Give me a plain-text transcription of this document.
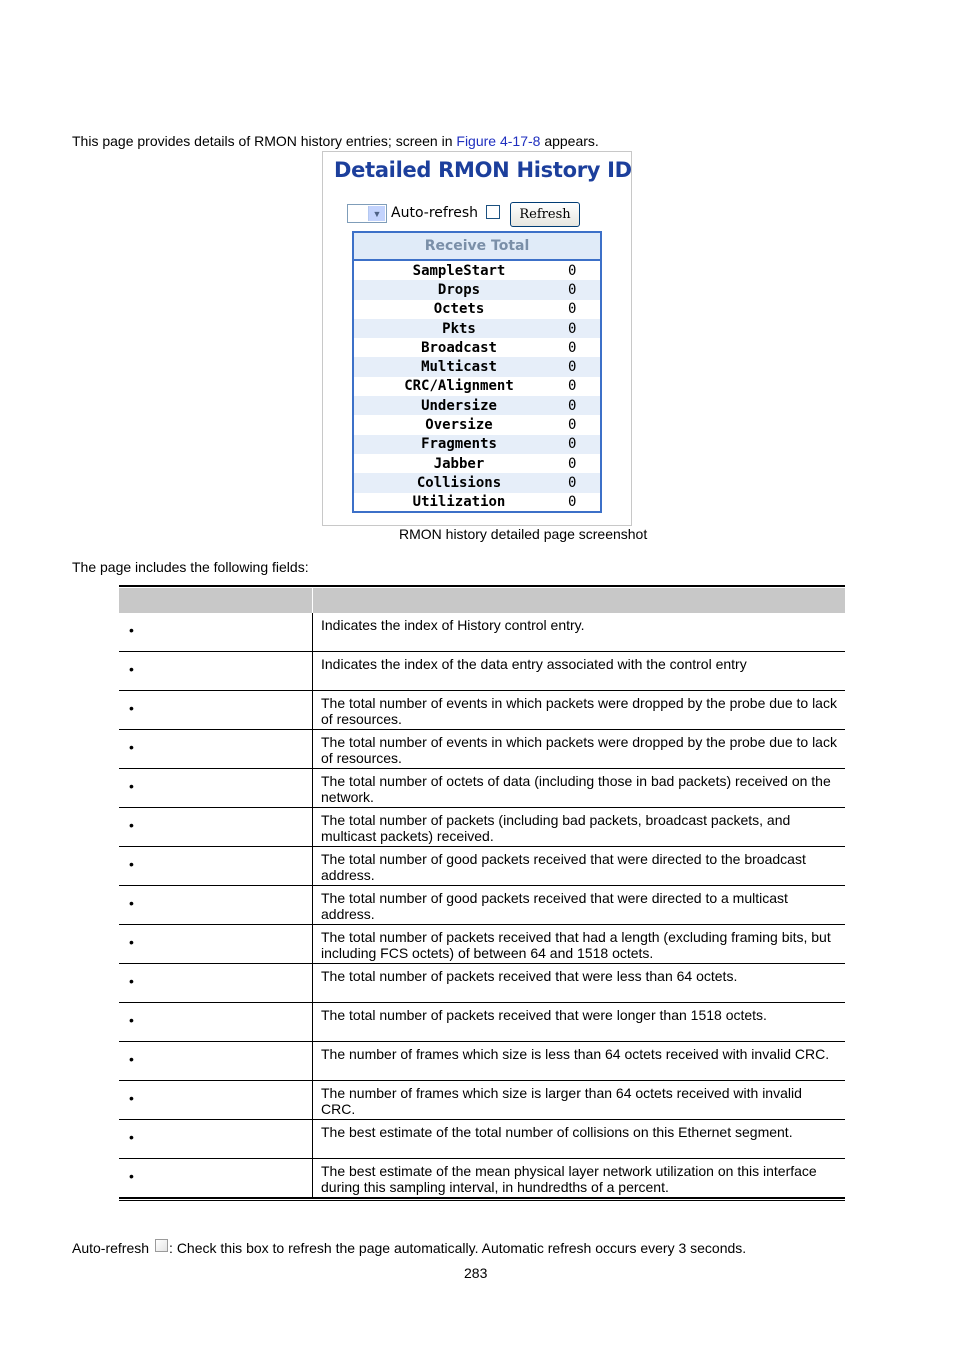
This page provides details of RMON history entries; screen in Figure 4-17-8 appears.
Detailed RMON History ID
▼ Auto-refresh	Refresh
Receive Total
SampleStart	0
Drops	0
Octets	0
Pkts	0
Broadcast	0
Multicast	0
CRC/Alignment	0
Undersize	0
Oversize	0
Fragments	0
Jabber	0
Collisions	0
Utilization	0
RMON history detailed page screenshot
The page includes the following fields:
•	Indicates the index of History control entry.
•	Indicates the index of the data entry associated with the control entry
•	The total number of events in which packets were dropped by the probe due to lack of resources.
•	The total number of events in which packets were dropped by the probe due to lack of resources.
•	The total number of octets of data (including those in bad packets) received on the network.
•	The total number of packets (including bad packets, broadcast packets, and multicast packets) received.
•	The total number of good packets received that were directed to the broadcast address.
•	The total number of good packets received that were directed to a multicast address.
•	The total number of packets received that had a length (excluding framing bits, but including FCS octets) of between 64 and 1518 octets.
•	The total number of packets received that were less than 64 octets.
•	The total number of packets received that were longer than 1518 octets.
•	The number of frames which size is less than 64 octets received with invalid CRC.
•	The number of frames which size is larger than 64 octets received with invalid CRC.
•	The best estimate of the total number of collisions on this Ethernet segment.
•	The best estimate of the mean physical layer network utilization on this interface during this sampling interval, in hundredths of a percent.
Auto-refresh : Check this box to refresh the page automatically. Automatic refresh occurs every 3 seconds.
283
